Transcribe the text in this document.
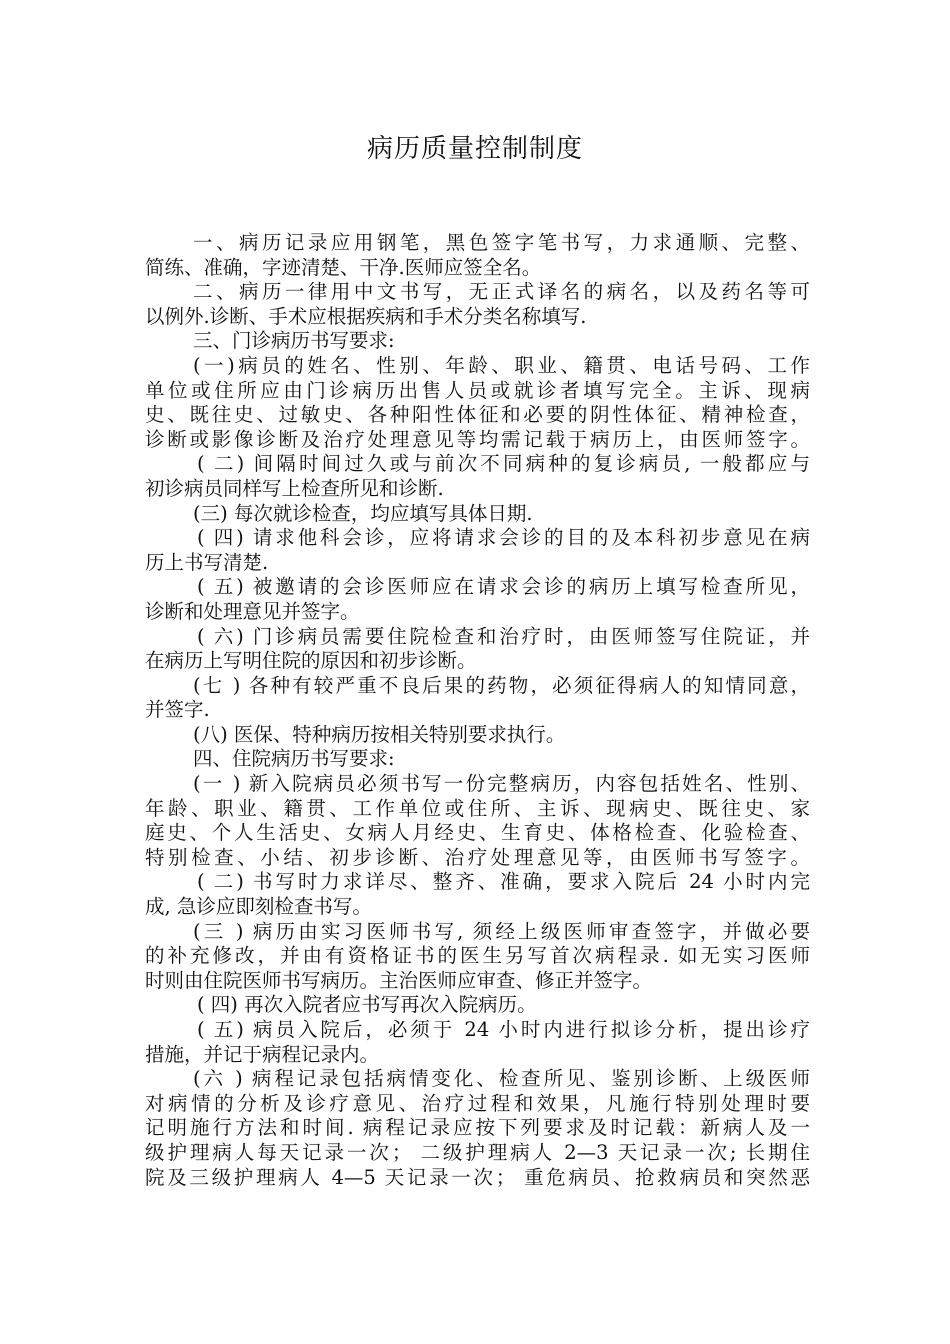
病历质量控制制度
一、病历记录应用钢笔，黑色签字笔书写，力求通顺、完整、
简练、准确，字迹清楚、干净.医师应签全名。
二、病历一律用中文书写，无正式译名的病名，以及药名等可
以例外.诊断、手术应根据疾病和手术分类名称填写.
三、门诊病历书写要求:
(一)病员的姓名、性别、年龄、职业、籍贯、电话号码、工作
单位或住所应由门诊病历出售人员或就诊者填写完全。主诉、现病
史、既往史、过敏史、各种阳性体征和必要的阴性体征、精神检查，
诊断或影像诊断及治疗处理意见等均需记载于病历上，由医师签字。
( 二) 间隔时间过久或与前次不同病种的复诊病员, 一般都应与
初诊病员同样写上检查所见和诊断.
(三) 每次就诊检查，均应填写具体日期.
( 四) 请求他科会诊，应将请求会诊的目的及本科初步意见在病
历上书写清楚.
( 五) 被邀请的会诊医师应在请求会诊的病历上填写检查所见，
诊断和处理意见并签字。
( 六) 门诊病员需要住院检查和治疗时，由医师签写住院证，并
在病历上写明住院的原因和初步诊断。
(七 ) 各种有较严重不良后果的药物，必须征得病人的知情同意，
并签字.
(八) 医保、特种病历按相关特别要求执行。
四、住院病历书写要求:
(一 ) 新入院病员必须书写一份完整病历，内容包括姓名、性别、
年龄、职业、籍贯、工作单位或住所、主诉、现病史、既往史、家
庭史、个人生活史、女病人月经史、生育史、体格检查、化验检查、
特别检查、小结、初步诊断、治疗处理意见等，由医师书写签字。
( 二) 书写时力求详尽、整齐、准确，要求入院后 24 小时内完
成, 急诊应即刻检查书写。
(三 ) 病历由实习医师书写, 须经上级医师审查签字，并做必要
的补充修改，并由有资格证书的医生另写首次病程录. 如无实习医师
时则由住院医师书写病历。主治医师应审查、修正并签字。
( 四) 再次入院者应书写再次入院病历。
( 五) 病员入院后，必须于 24 小时内进行拟诊分析，提出诊疗
措施，并记于病程记录内。
(六 ) 病程记录包括病情变化、检查所见、鉴别诊断、上级医师
对病情的分析及诊疗意见、治疗过程和效果，凡施行特别处理时要
记明施行方法和时间. 病程记录应按下列要求及时记载：新病人及一
级护理病人每天记录一次； 二级护理病人 2—3 天记录一次; 长期住
院及三级护理病人 4—5 天记录一次； 重危病员、抢救病员和突然恶
